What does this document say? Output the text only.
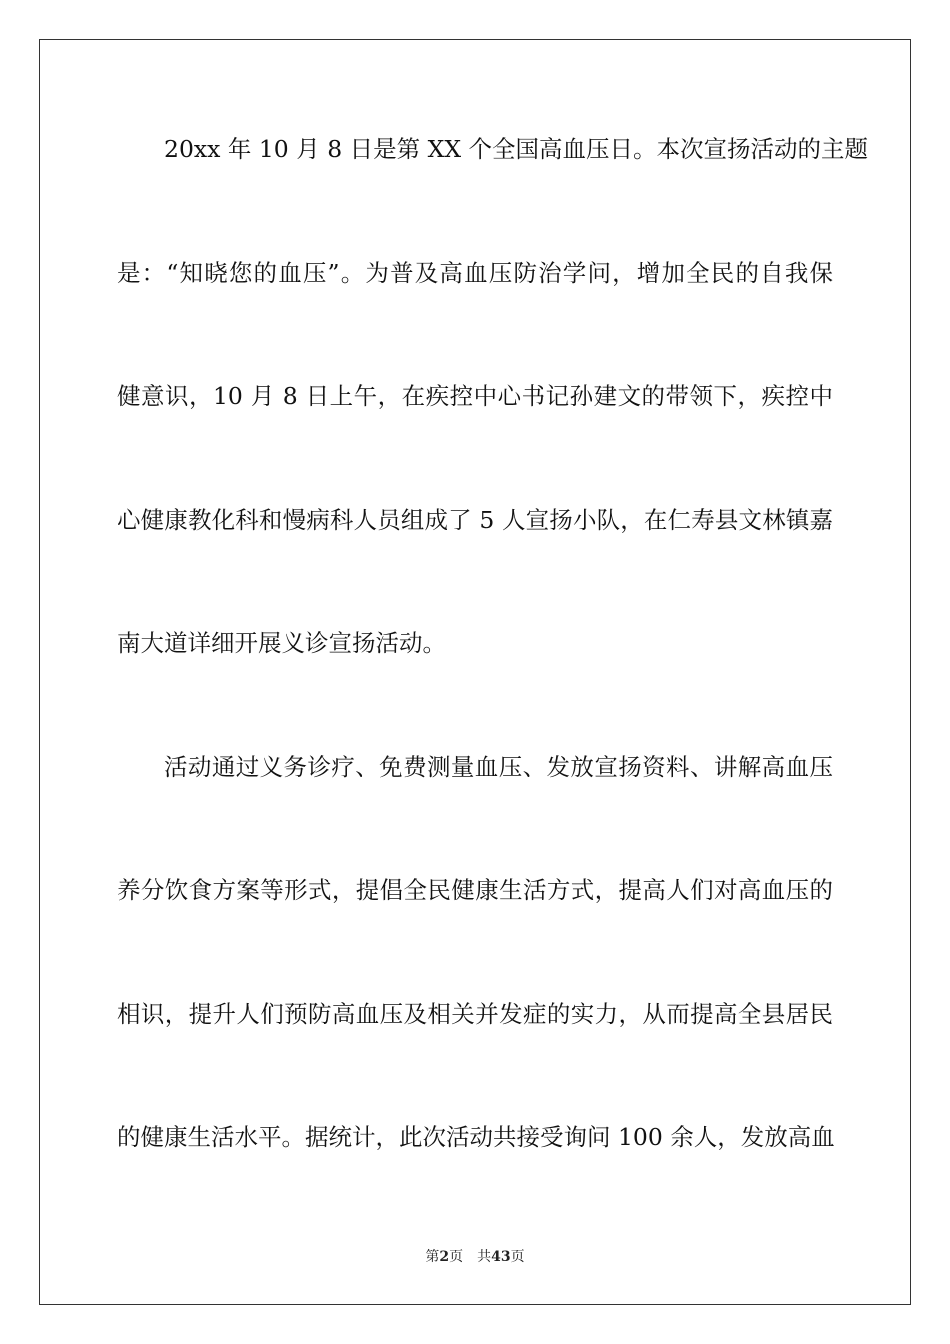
20xx 年 10 月 8 日是第 XX 个全国高血压日。本次宣扬活动的主题
是：“知晓您的血压”。为普及高血压防治学问，增加全民的自我保
健意识，10 月 8 日上午，在疾控中心书记孙建文的带领下，疾控中
心健康教化科和慢病科人员组成了 5 人宣扬小队，在仁寿县文林镇嘉
南大道详细开展义诊宣扬活动。
活动通过义务诊疗、免费测量血压、发放宣扬资料、讲解高血压
养分饮食方案等形式，提倡全民健康生活方式，提高人们对高血压的
相识，提升人们预防高血压及相关并发症的实力，从而提高全县居民
的健康生活水平。据统计，此次活动共接受询问 100 余人，发放高血
第2页 共43页
